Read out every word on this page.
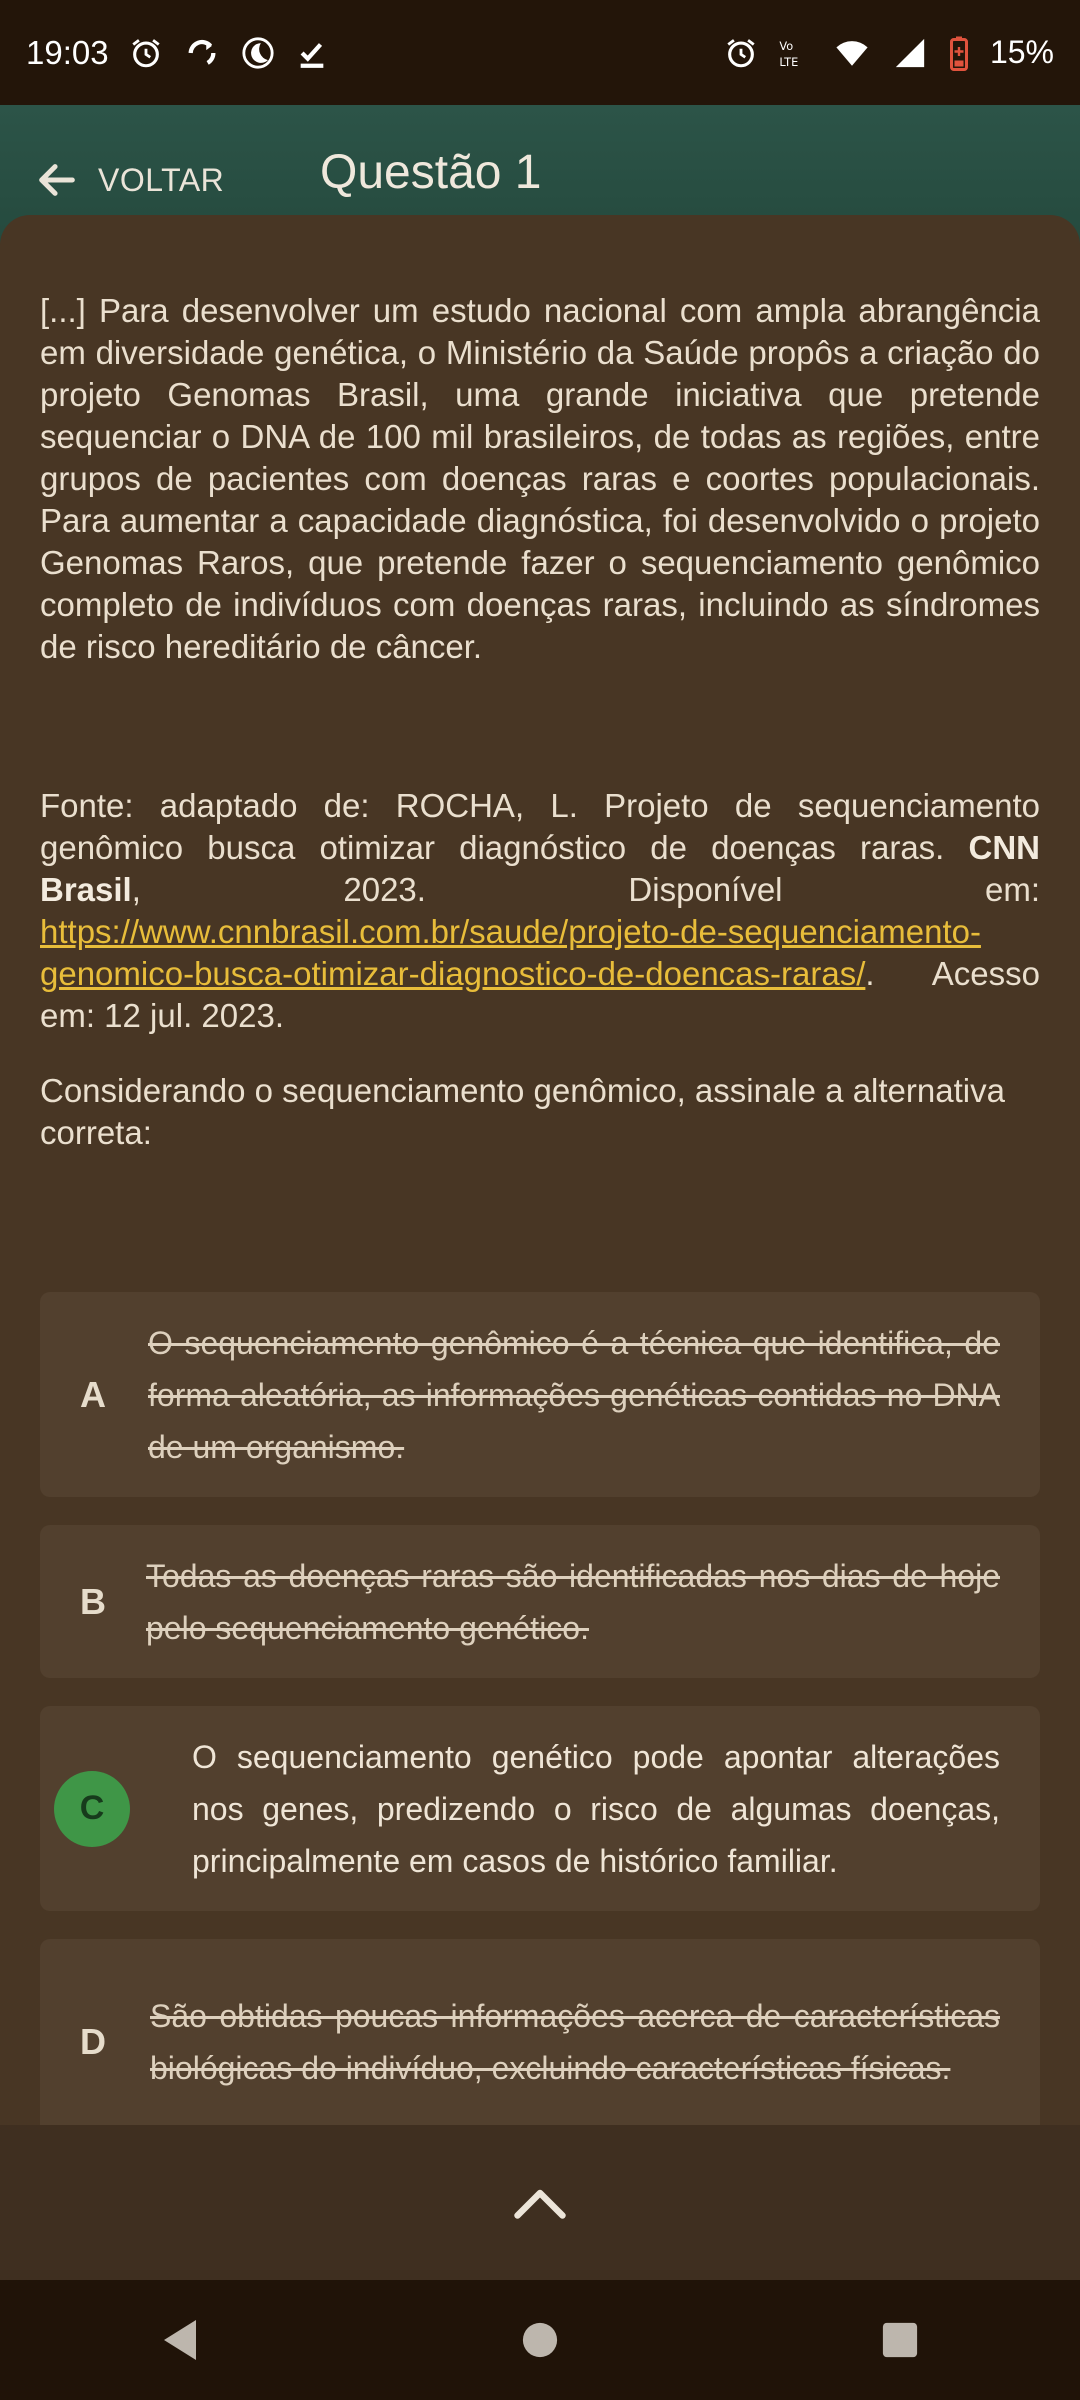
19:03	Vo
LTE	15%
VOLTAR Questão 1
[...] Para desenvolver um estudo nacional com ampla abrangência em diversidade genética, o Ministério da Saúde propôs a criação do projeto Genomas Brasil, uma grande iniciativa que pretende sequenciar o DNA de 100 mil brasileiros, de todas as regiões, entre grupos de pacientes com doenças raras e coortes populacionais. Para aumentar a capacidade diagnóstica, foi desenvolvido o projeto Genomas Raros, que pretende fazer o sequenciamento genômico completo de indivíduos com doenças raras, incluindo as síndromes de risco hereditário de câncer.
Fonte: adaptado de: ROCHA, L. Projeto de sequenciamento genômico busca otimizar diagnóstico de doenças raras. CNN Brasil, 2023. Disponível em: https://www.cnnbrasil.com.br/saude/projeto-de-sequenciamento-genomico-busca-otimizar-diagnostico-de-doencas-raras/. Acesso em: 12 jul. 2023.
Considerando o sequenciamento genômico, assinale a alternativa correta:
A
O sequenciamento genômico é a técnica que identifica, de forma aleatória, as informações genéticas contidas no DNA de um organismo.
B
Todas as doenças raras são identificadas nos dias de hoje pelo sequenciamento genético.
C
O sequenciamento genético pode apontar alterações nos genes, predizendo o risco de algumas doenças, principalmente em casos de histórico familiar.
D
São obtidas poucas informações acerca de características biológicas do indivíduo, excluindo características físicas.
